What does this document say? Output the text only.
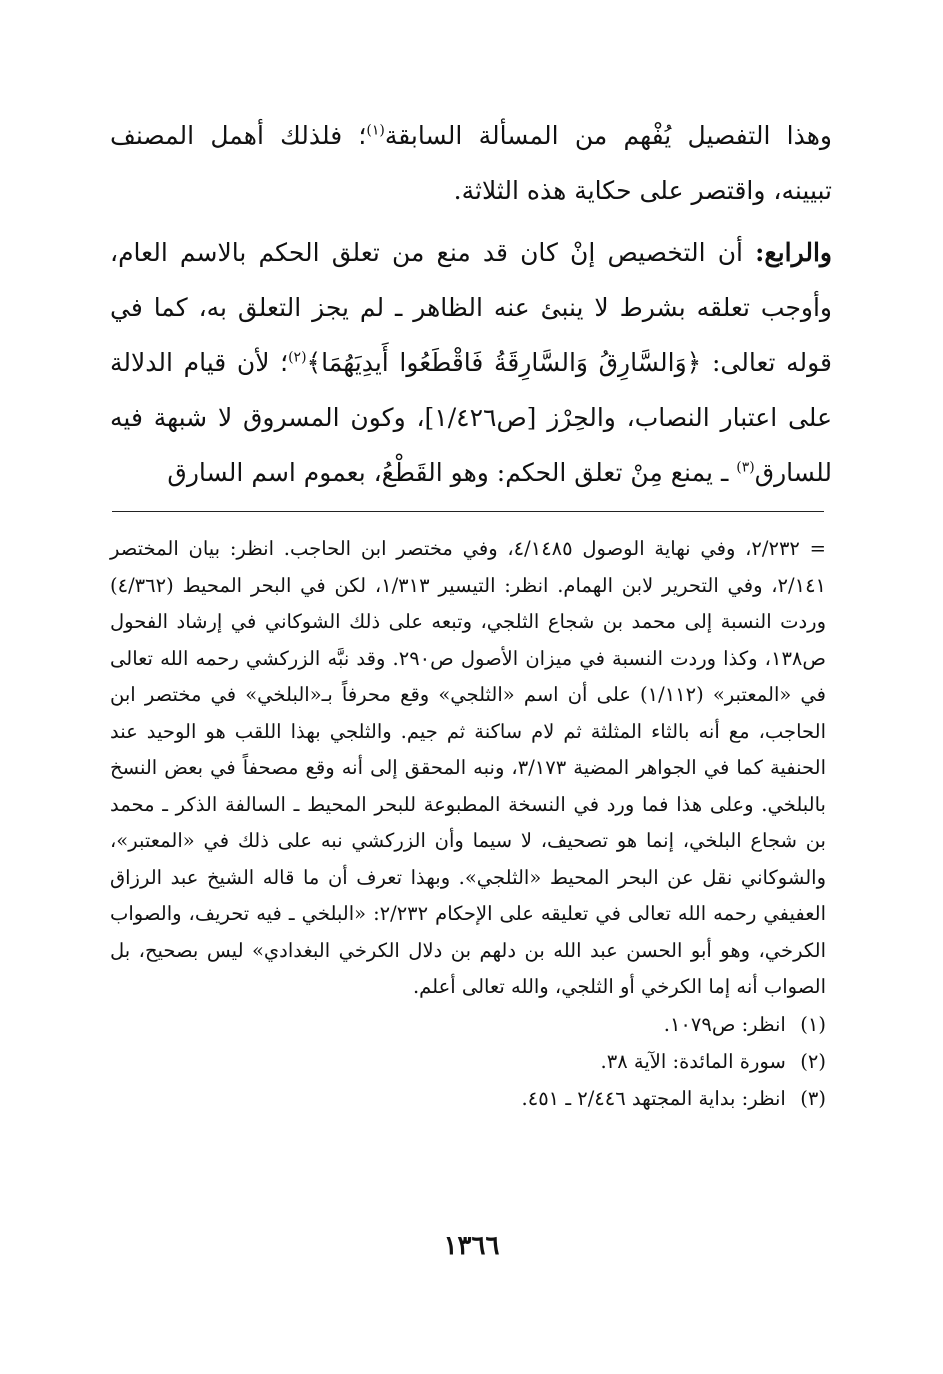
وهذا التفصيل يُفْهم من المسألة السابقة$^{(١)}$؛ فلذلك أهمل المصنف تبيينه، واقتصر على حكاية هذه الثلاثة.

والرابع: أن التخصيص إنْ كان قد منع من تعلق الحكم بالاسم العام، وأوجب تعلقه بشرط لا ينبئ عنه الظاهر ـ لم يجز التعلق به، كما في قوله تعالى: ﴿وَالسَّارِقُ وَالسَّارِقَةُ فَاقْطَعُوا أَيدِيَهُمَا﴾$^{(٢)}$؛ لأن قيام الدلالة على اعتبار النصاب، والحِرْز [ص١/٤٢٦]، وكون المسروق لا شبهة فيه للسارق$^{(٣)}$ ـ يمنع مِنْ تعلق الحكم: وهو القَطْعُ، بعموم اسم السارق

= ٢/٢٣٢، وفي نهاية الوصول ٤/١٤٨٥، وفي مختصر ابن الحاجب. انظر: بيان المختصر ٢/١٤١، وفي التحرير لابن الهمام. انظر: التيسير ١/٣١٣، لكن في البحر المحيط (٤/٣٦٢) وردت النسبة إلى محمد بن شجاع الثلجي، وتبعه على ذلك الشوكاني في إرشاد الفحول ص١٣٨، وكذا وردت النسبة في ميزان الأصول ص٢٩٠. وقد نبَّه الزركشي رحمه الله تعالى في «المعتبر» (١/١١٢) على أن اسم «الثلجي» وقع محرفاً بـ«البلخي» في مختصر ابن الحاجب، مع أنه بالثاء المثلثة ثم لام ساكنة ثم جيم. والثلجي بهذا اللقب هو الوحيد عند الحنفية كما في الجواهر المضية ٣/١٧٣، ونبه المحقق إلى أنه وقع مصحفاً في بعض النسخ بالبلخي. وعلى هذا فما ورد في النسخة المطبوعة للبحر المحيط ـ السالفة الذكر ـ محمد بن شجاع البلخي، إنما هو تصحيف، لا سيما وأن الزركشي نبه على ذلك في «المعتبر»، والشوكاني نقل عن البحر المحيط «الثلجي». وبهذا تعرف أن ما قاله الشيخ عبد الرزاق العفيفي رحمه الله تعالى في تعليقه على الإحكام ٢/٢٣٢: «البلخي ـ فيه تحريف، والصواب الكرخي، وهو أبو الحسن عبد الله بن دلهم بن دلال الكرخي البغدادي» ليس بصحيح، بل الصواب أنه إما الكرخي أو الثلجي، والله تعالى أعلم.

(١) انظر: ص١٠٧٩.

(٢) سورة المائدة: الآية ٣٨.

(٣) انظر: بداية المجتهد ٢/٤٤٦ ـ ٤٥١.

١٣٦٦
